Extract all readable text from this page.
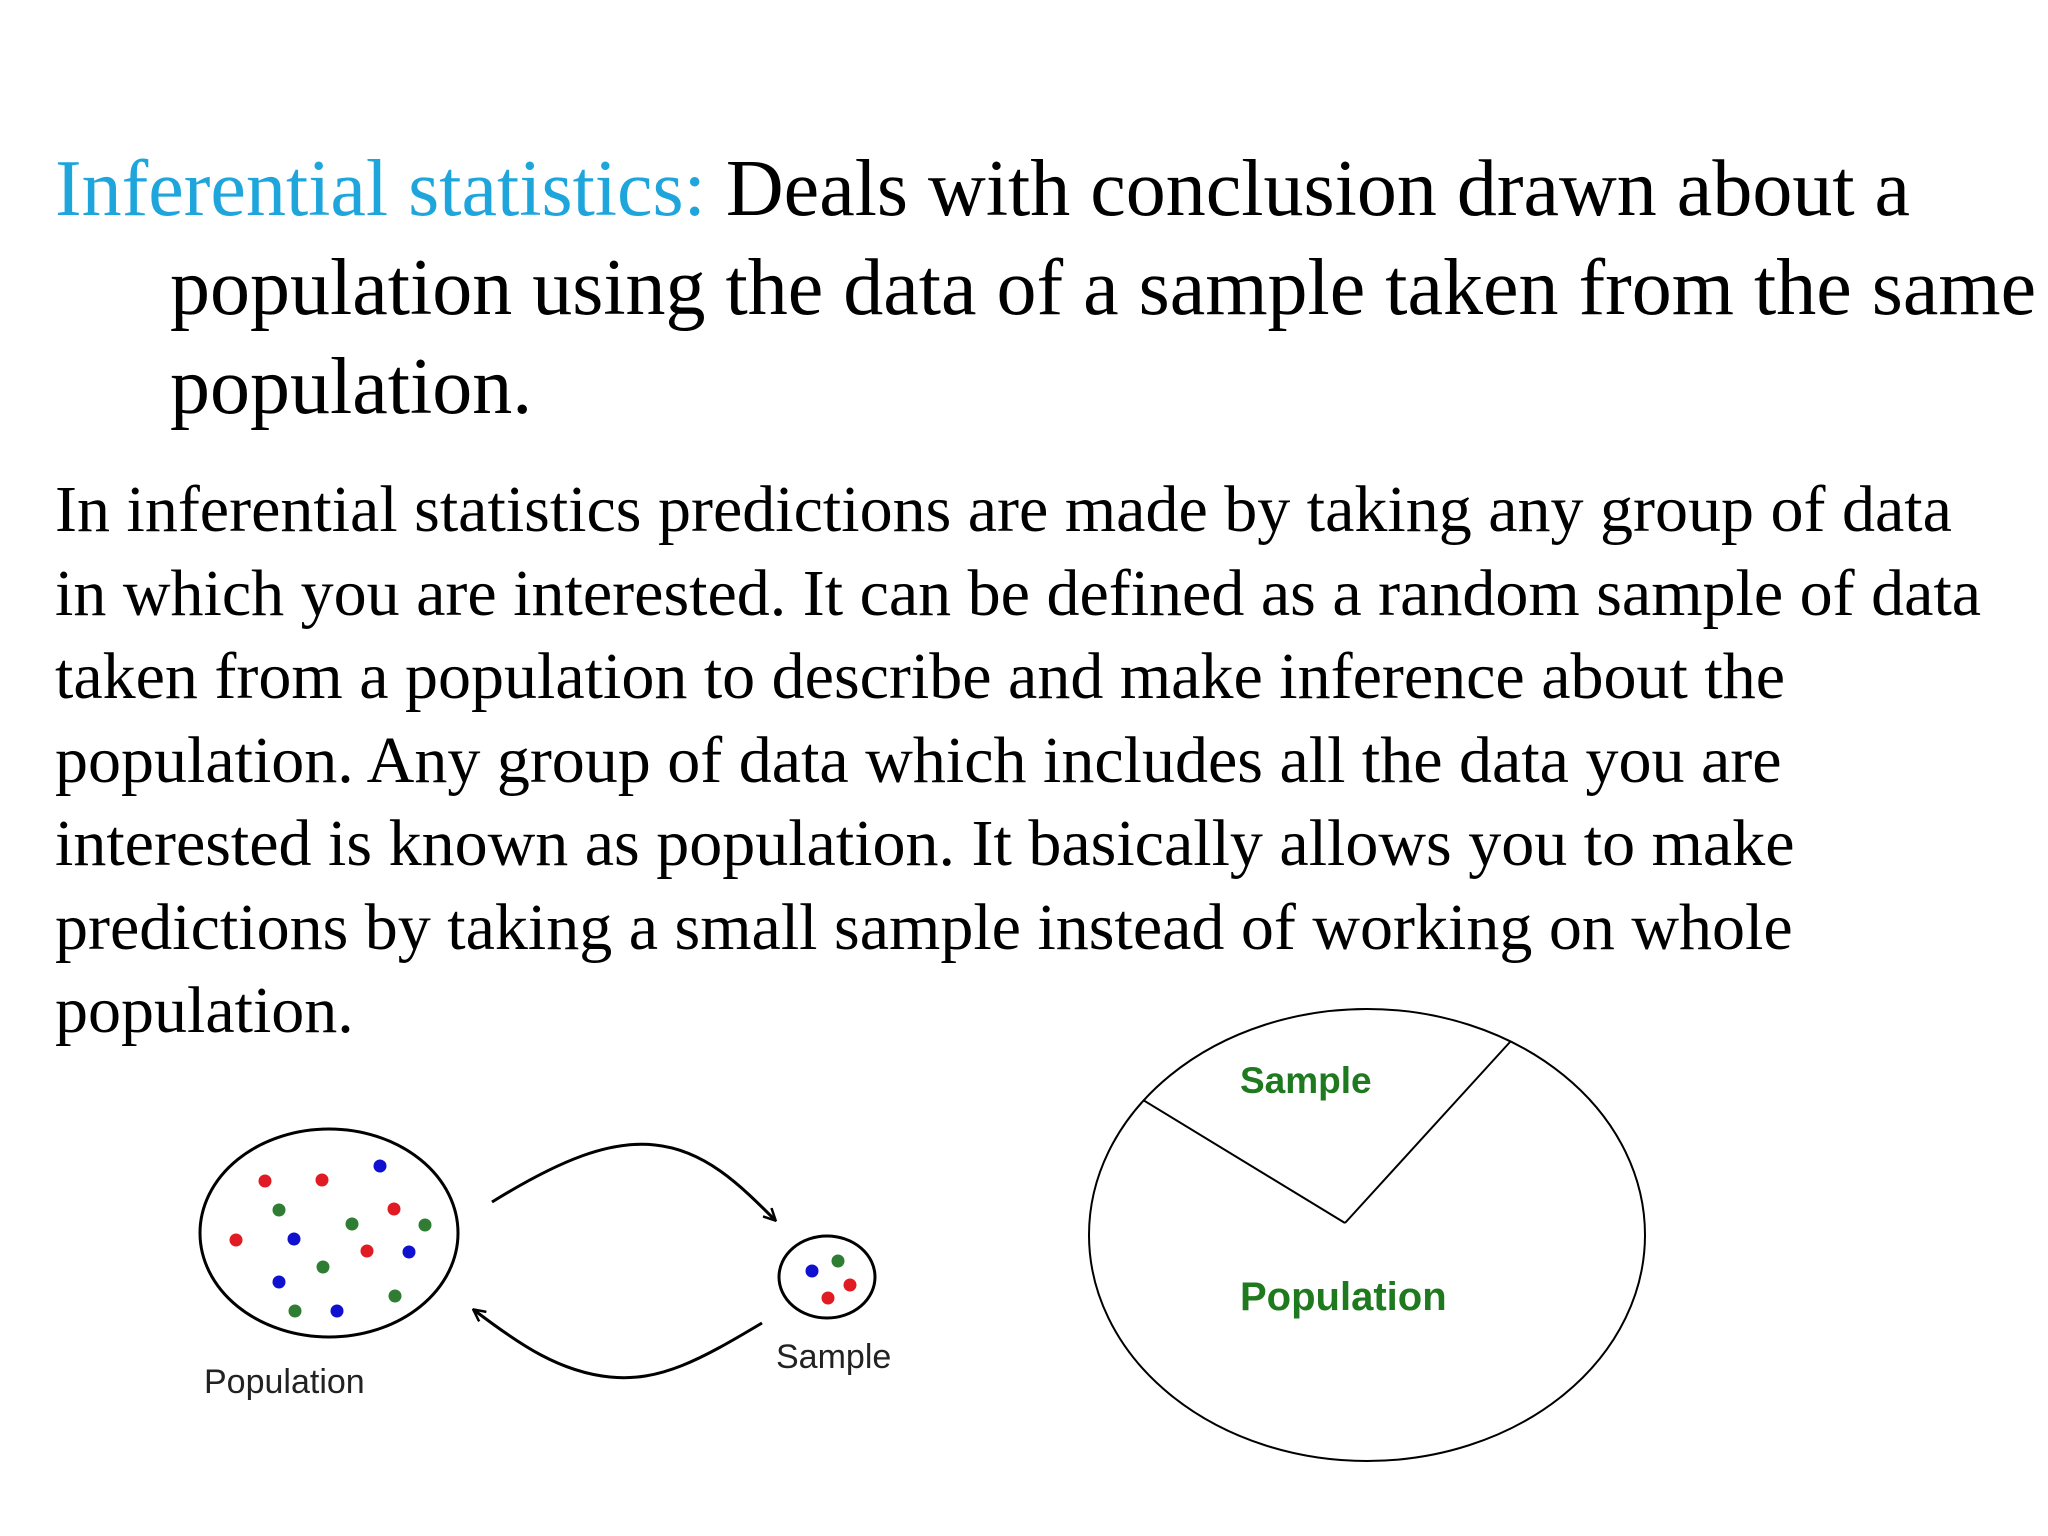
Inferential statistics: Deals with conclusion drawn about a population using the data of a sample taken from the same population.

In inferential statistics predictions are made by taking any group of data in which you are interested. It can be defined as a random sample of data taken from a population to describe and make inference about the population. Any group of data which includes all the data you are interested is known as population. It basically allows you to make predictions by taking a small sample instead of working on whole population.

Population
Sample
Sample
Population
